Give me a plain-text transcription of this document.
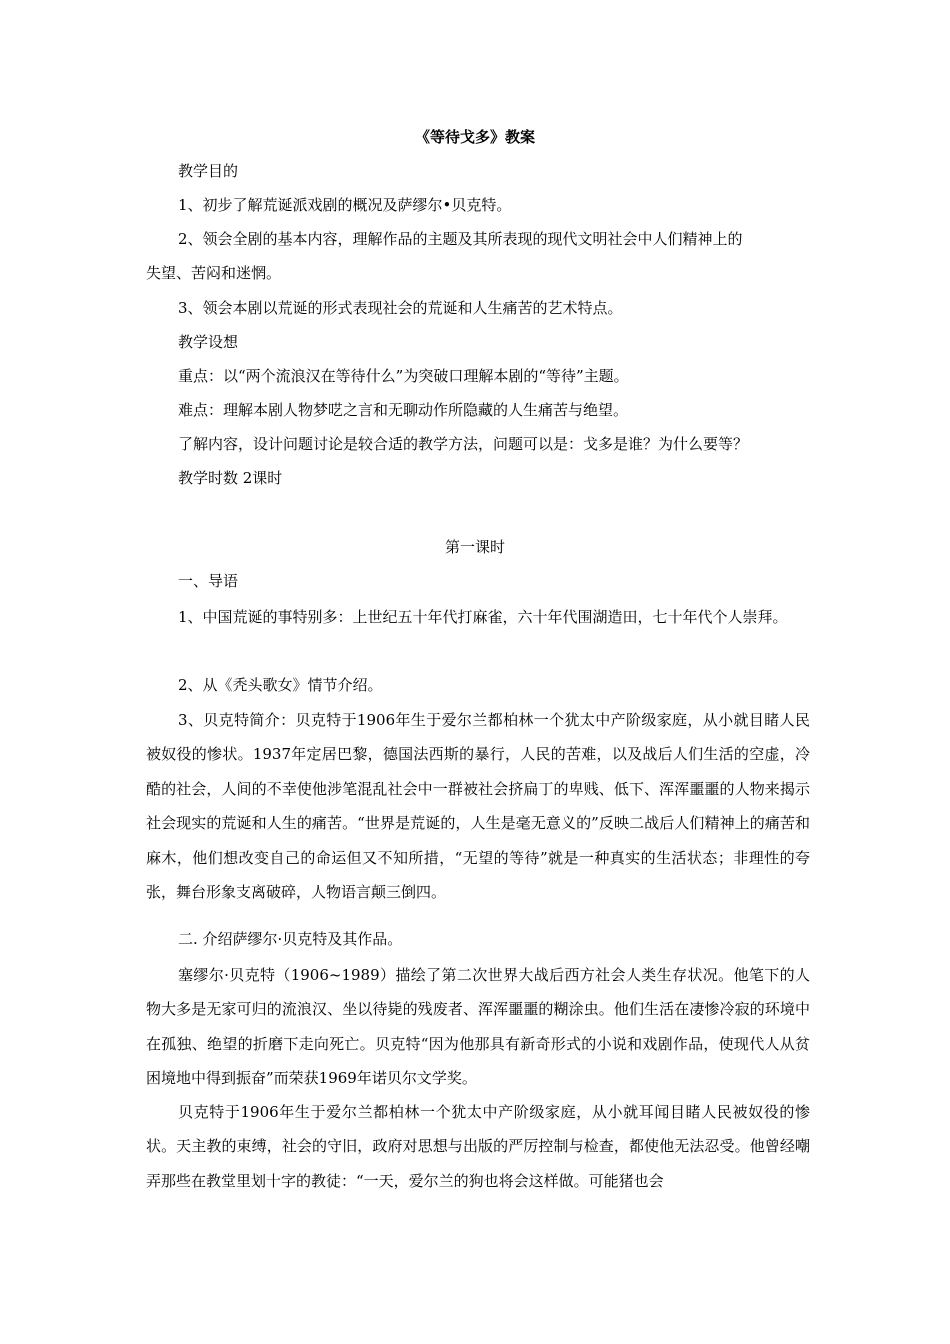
《等待戈多》教案
教学目的
1、初步了解荒诞派戏剧的概况及萨缪尔•贝克特。
2、领会全剧的基本内容，理解作品的主题及其所表现的现代文明社会中人们精神上的
失望、苦闷和迷惘。
3、领会本剧以荒诞的形式表现社会的荒诞和人生痛苦的艺术特点。
教学设想
重点：以“两个流浪汉在等待什么”为突破口理解本剧的“等待”主题。
难点：理解本剧人物梦呓之言和无聊动作所隐藏的人生痛苦与绝望。
了解内容，设计问题讨论是较合适的教学方法，问题可以是：戈多是谁？为什么要等？
教学时数 2课时
第一课时
一、导语

1、中国荒诞的事特别多：上世纪五十年代打麻雀，六十年代围湖造田，七十年代个人崇拜。

2、从《秃头歌女》情节介绍。

3、贝克特简介：贝克特于1906年生于爱尔兰都柏林一个犹太中产阶级家庭，从小就目睹人民被奴役的惨状。1937年定居巴黎，德国法西斯的暴行，人民的苦难，以及战后人们生活的空虚，冷酷的社会，人间的不幸使他涉笔混乱社会中一群被社会挤扁丁的卑贱、低下、浑浑噩噩的人物来揭示社会现实的荒诞和人生的痛苦。“世界是荒诞的，人生是毫无意义的”反映二战后人们精神上的痛苦和麻木，他们想改变自己的命运但又不知所措，“无望的等待”就是一种真实的生活状态；非理性的夸张，舞台形象支离破碎，人物语言颠三倒四。

二. 介绍萨缪尔·贝克特及其作品。

塞缪尔·贝克特（1906~1989）描绘了第二次世界大战后西方社会人类生存状况。他笔下的人物大多是无家可归的流浪汉、坐以待毙的残废者、浑浑噩噩的糊涂虫。他们生活在凄惨冷寂的环境中在孤独、绝望的折磨下走向死亡。贝克特“因为他那具有新奇形式的小说和戏剧作品，使现代人从贫困境地中得到振奋”而荣获1969年诺贝尔文学奖。

贝克特于1906年生于爱尔兰都柏林一个犹太中产阶级家庭，从小就耳闻目睹人民被奴役的惨状。天主教的束缚，社会的守旧，政府对思想与出版的严厉控制与检查，都使他无法忍受。他曾经嘲弄那些在教堂里划十字的教徒：“一天，爱尔兰的狗也将会这样做。可能猪也会
